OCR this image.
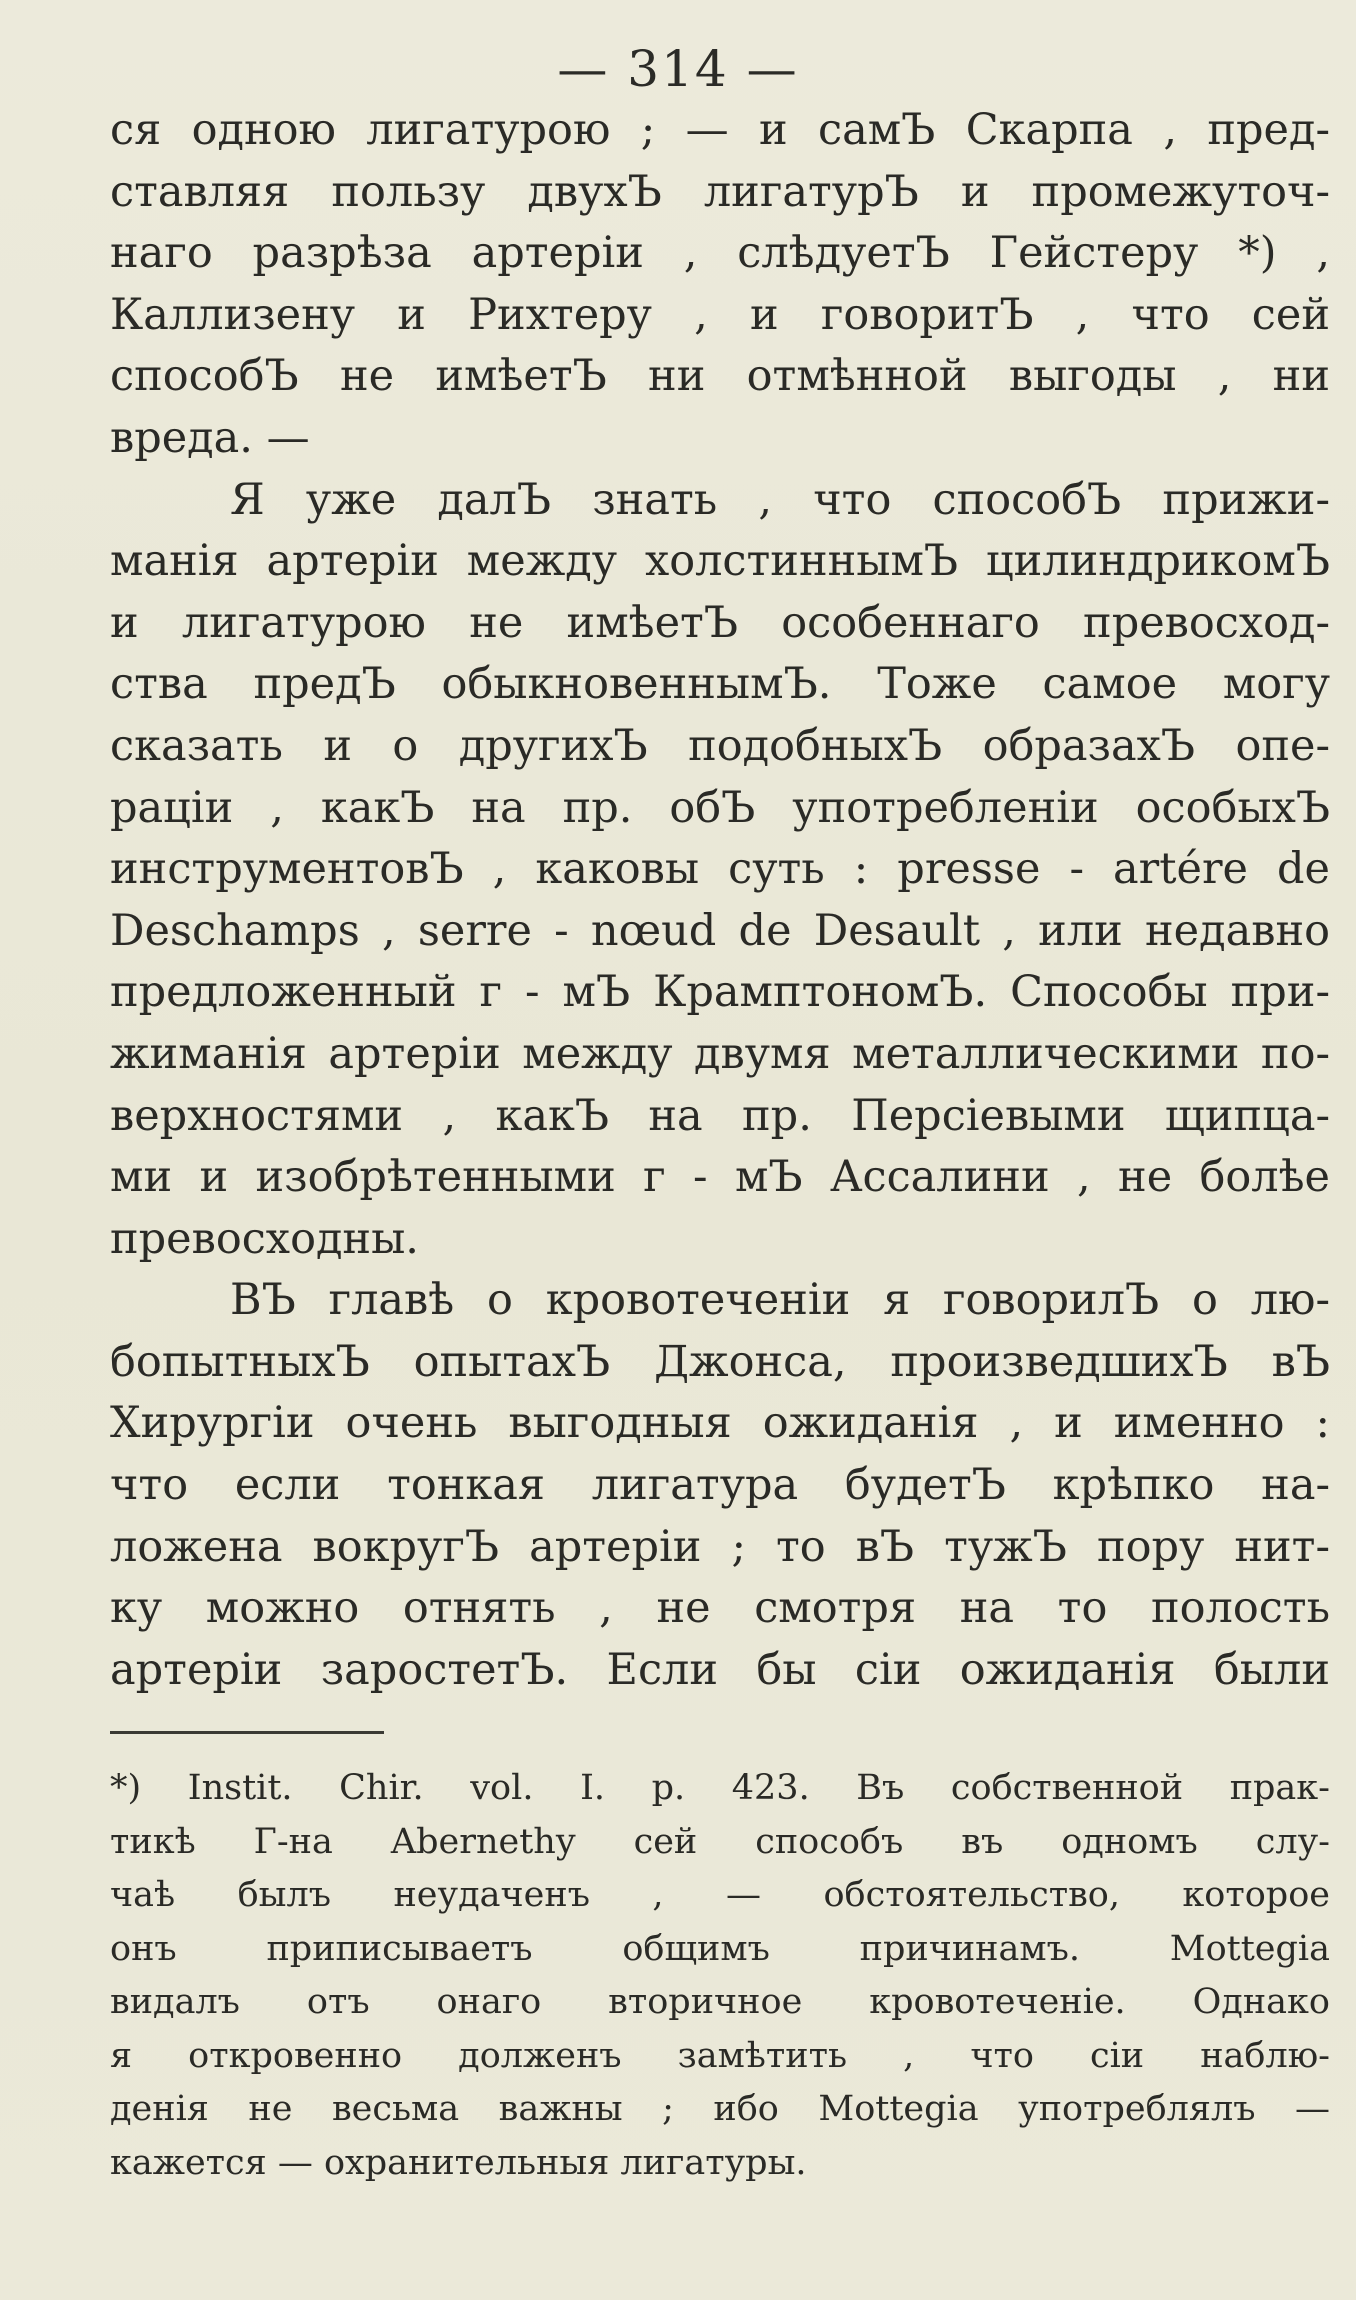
— 314 —
ся одною лигатурою ; — и самЪ Скарпа , пред-
ставляя пользу двухЪ лигатурЪ и промежуточ-
наго разрѣза артеріи , слѣдуетЪ Гейстеру *) ,
Каллизену и Рихтеру , и говоритЪ , что сей
способЪ не имѣетЪ ни отмѣнной выгоды , ни
вреда. —
Я уже далЪ знать , что способЪ прижи-
манія артеріи между холстиннымЪ цилиндрикомЪ
и лигатурою не имѣетЪ особеннаго превосход-
ства предЪ обыкновеннымЪ. Тоже самое могу
сказать и о другихЪ подобныхЪ образахЪ опе-
раціи , какЪ на пр. обЪ употребленіи особыхЪ
инструментовЪ , каковы суть : presse - artére de
Deschamps , serre - nœud de Desault , или недавно
предложенный г - мЪ КрамптономЪ. Способы при-
жиманія артеріи между двумя металлическими по-
верхностями , какЪ на пр. Персіевыми щипца-
ми и изобрѣтенными г - мЪ Ассалини , не болѣе
превосходны.
ВЪ главѣ о кровотеченіи я говорилЪ о лю-
бопытныхЪ опытахЪ Джонса, произведшихЪ вЪ
Хирургіи очень выгодныя ожиданія , и именно :
что если тонкая лигатура будетЪ крѣпко на-
ложена вокругЪ артеріи ; то вЪ тужЪ пору нит-
ку можно отнять , не смотря на то полость
артеріи заростетЪ. Если бы сіи ожиданія были
*) Instit. Chir. vol. I. p. 423. Въ собственной прак-
тикѣ Г-на Abernethy сей способъ въ одномъ слу-
чаѣ былъ неудаченъ , — обстоятельство, которое
онъ приписываетъ общимъ причинамъ. Mottegia
видалъ отъ онаго вторичное кровотеченіе. Однако
я откровенно долженъ замѣтить , что сіи наблю-
денія не весьма важны ; ибо Mottegia употреблялъ —
кажется — охранительныя лигатуры.
